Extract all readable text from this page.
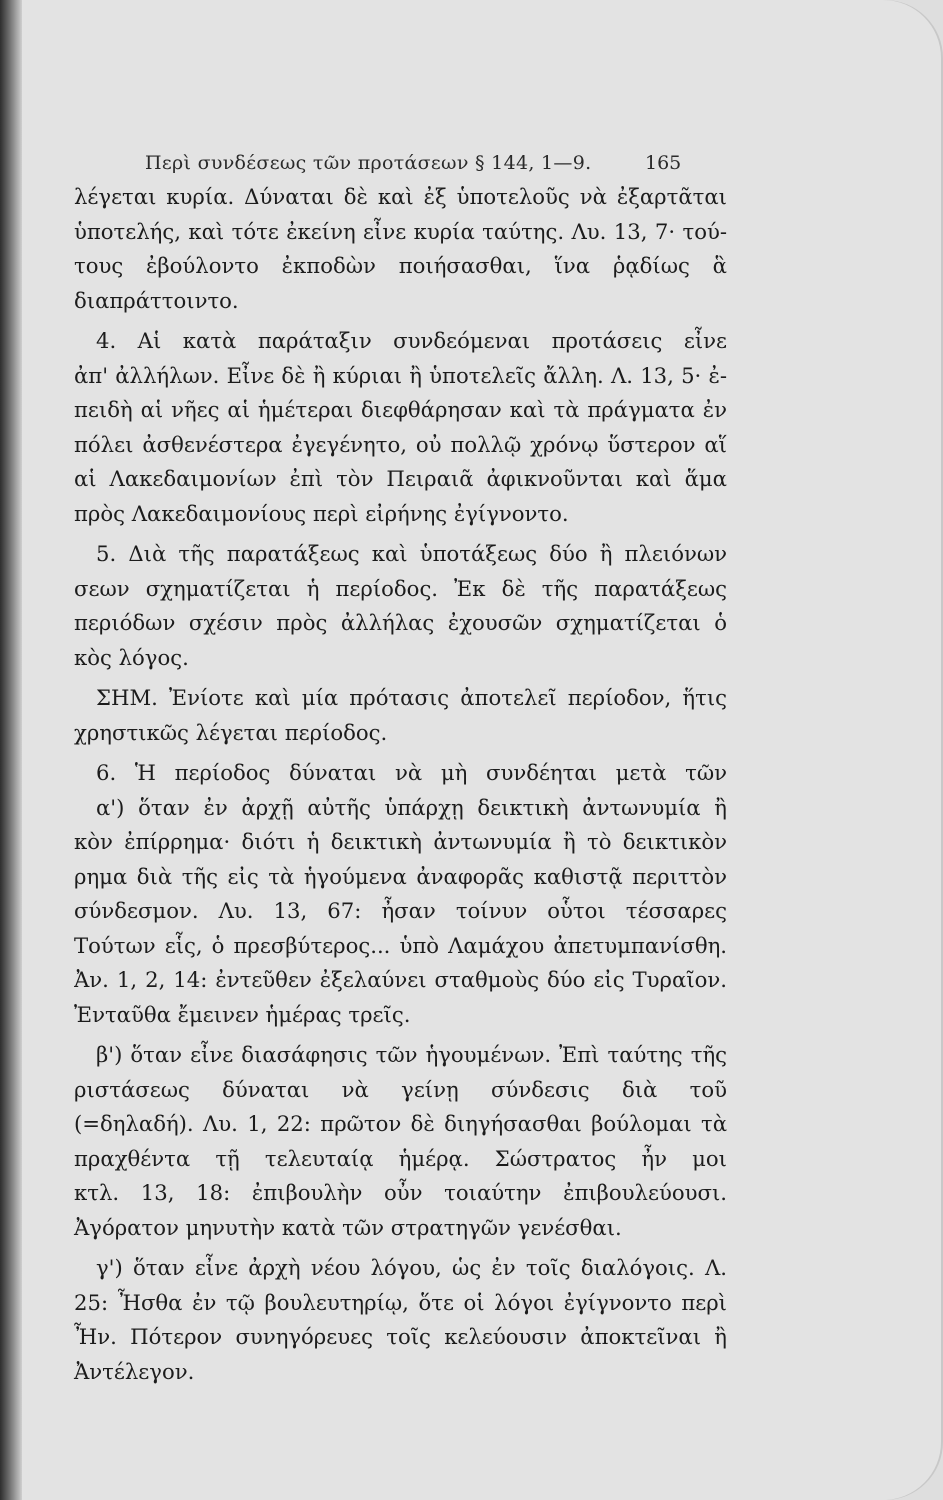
Περὶ συνδέσεως τῶν προτάσεων § 144, 1—9.	165
λέγεται κυρία. Δύναται δὲ καὶ ἐξ ὑποτελοῦς νὰ ἐξαρτᾶται
ὑποτελής, καὶ τότε ἐκείνη εἶνε κυρία ταύτης. Λυ. 13, 7· τού-
τους ἐβούλοντο ἐκποδὼν ποιήσασθαι, ἵνα ῥᾳδίως ἃ
διαπράττοιντο.
4. Αἱ κατὰ παράταξιν συνδεόμεναι προτάσεις εἶνε
ἀπ' ἀλλήλων. Εἶνε δὲ ἢ κύριαι ἢ ὑποτελεῖς ἄλλη. Λ. 13, 5· ἐ-
πειδὴ αἱ νῆες αἱ ἡμέτεραι διεφθάρησαν καὶ τὰ πράγματα ἐν
πόλει ἀσθενέστερα ἐγεγένητο, οὐ πολλῷ χρόνῳ ὕστερον αἵ
αἱ Λακεδαιμονίων ἐπὶ τὸν Πειραιᾶ ἀφικνοῦνται καὶ ἅμα
πρὸς Λακεδαιμονίους περὶ εἰρήνης ἐγίγνοντο.
5. Διὰ τῆς παρατάξεως καὶ ὑποτάξεως δύο ἢ πλειόνων
σεων σχηματίζεται ἡ περίοδος. Ἐκ δὲ τῆς παρατάξεως
περιόδων σχέσιν πρὸς ἀλλήλας ἐχουσῶν σχηματίζεται ὁ
κὸς λόγος.
ΣΗΜ. Ἐνίοτε καὶ μία πρότασις ἀποτελεῖ περίοδον, ἥτις
χρηστικῶς λέγεται περίοδος.
6. Ἡ περίοδος δύναται νὰ μὴ συνδέηται μετὰ τῶν
α') ὅταν ἐν ἀρχῇ αὐτῆς ὑπάρχῃ δεικτικὴ ἀντωνυμία ἢ
κὸν ἐπίρρημα· διότι ἡ δεικτικὴ ἀντωνυμία ἢ τὸ δεικτικὸν
ρημα διὰ τῆς εἰς τὰ ἡγούμενα ἀναφορᾶς καθιστᾷ περιττὸν
σύνδεσμον. Λυ. 13, 67: ἦσαν τοίνυν οὗτοι τέσσαρες
Τούτων εἷς, ὁ πρεσβύτερος... ὑπὸ Λαμάχου ἀπετυμπανίσθη.
Ἀν. 1, 2, 14: ἐντεῦθεν ἐξελαύνει σταθμοὺς δύο εἰς Τυραῖον.
Ἐνταῦθα ἔμεινεν ἡμέρας τρεῖς.
β') ὅταν εἶνε διασάφησις τῶν ἡγουμένων. Ἐπὶ ταύτης τῆς
ριστάσεως δύναται νὰ γείνῃ σύνδεσις διὰ τοῦ
(=δηλαδή). Λυ. 1, 22: πρῶτον δὲ διηγήσασθαι βούλομαι τὰ
πραχθέντα τῇ τελευταίᾳ ἡμέρᾳ. Σώστρατος ἦν μοι
κτλ. 13, 18: ἐπιβουλὴν οὖν τοιαύτην ἐπιβουλεύουσι.
Ἀγόρατον μηνυτὴν κατὰ τῶν στρατηγῶν γενέσθαι.
γ') ὅταν εἶνε ἀρχὴ νέου λόγου, ὡς ἐν τοῖς διαλόγοις. Λ.
25: Ἦσθα ἐν τῷ βουλευτηρίῳ, ὅτε οἱ λόγοι ἐγίγνοντο περὶ
Ἦν. Πότερον συνηγόρευες τοῖς κελεύουσιν ἀποκτεῖναι ἢ
Ἀντέλεγον.
